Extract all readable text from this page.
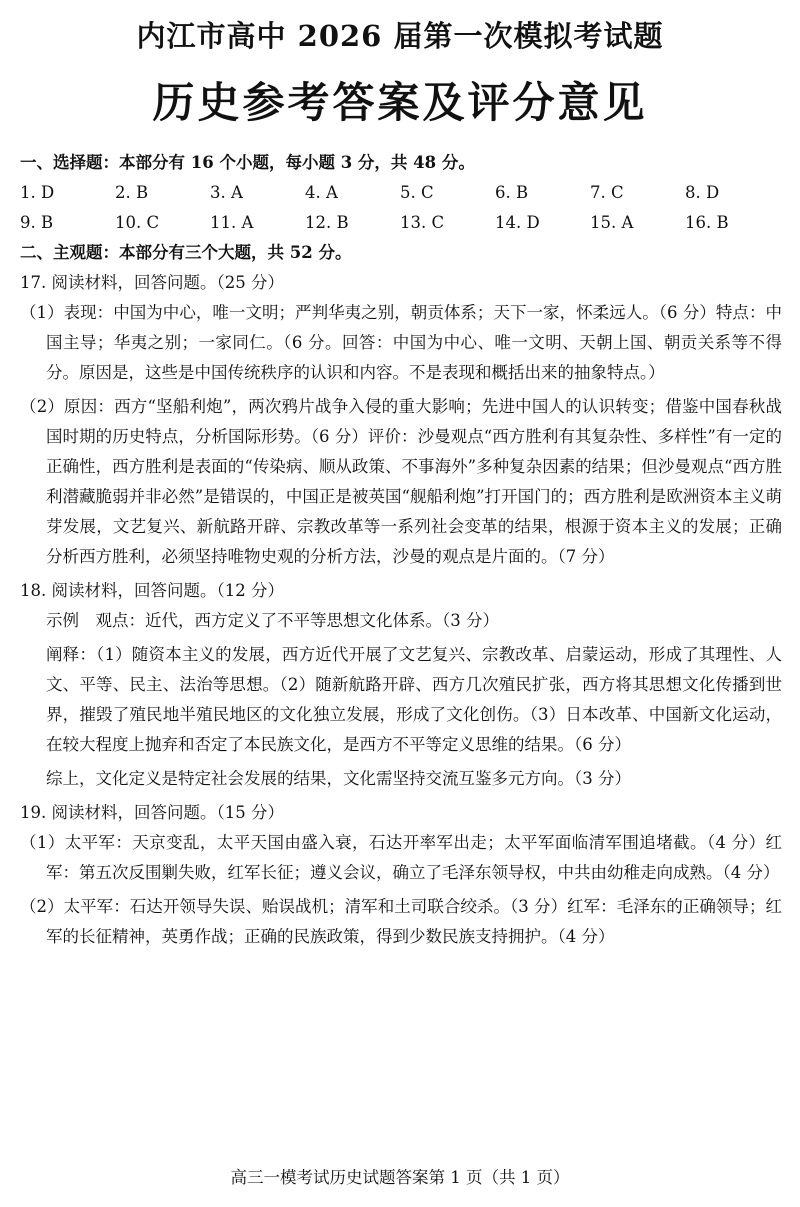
内江市高中 2026 届第一次模拟考试题
历史参考答案及评分意见

一、选择题：本部分有 16 个小题，每小题 3 分，共 48 分。

1. D	2. B	3. A	4. A	5. C	6. B	7. C	8. D
9. B	10. C	11. A	12. B	13. C	14. D	15. A	16. B

二、主观题：本部分有三个大题，共 52 分。

17. 阅读材料，回答问题。（25 分）

（1）表现：中国为中心，唯一文明；严判华夷之别，朝贡体系；天下一家，怀柔远人。（6 分）特点：中国主导；华夷之别；一家同仁。（6 分。回答：中国为中心、唯一文明、天朝上国、朝贡关系等不得分。原因是，这些是中国传统秩序的认识和内容。不是表现和概括出来的抽象特点。）

（2）原因：西方“坚船利炮”，两次鸦片战争入侵的重大影响；先进中国人的认识转变；借鉴中国春秋战国时期的历史特点，分析国际形势。（6 分）评价：沙曼观点“西方胜利有其复杂性、多样性”有一定的正确性，西方胜利是表面的“传染病、顺从政策、不事海外”多种复杂因素的结果；但沙曼观点“西方胜利潜藏脆弱并非必然”是错误的，中国正是被英国“舰船利炮”打开国门的；西方胜利是欧洲资本主义萌芽发展，文艺复兴、新航路开辟、宗教改革等一系列社会变革的结果，根源于资本主义的发展；正确分析西方胜利，必须坚持唯物史观的分析方法，沙曼的观点是片面的。（7 分）

18. 阅读材料，回答问题。（12 分）

示例　观点：近代，西方定义了不平等思想文化体系。（3 分）

阐释：（1）随资本主义的发展，西方近代开展了文艺复兴、宗教改革、启蒙运动，形成了其理性、人文、平等、民主、法治等思想。（2）随新航路开辟、西方几次殖民扩张，西方将其思想文化传播到世界，摧毁了殖民地半殖民地区的文化独立发展，形成了文化创伤。（3）日本改革、中国新文化运动，在较大程度上抛弃和否定了本民族文化，是西方不平等定义思维的结果。（6 分）

综上，文化定义是特定社会发展的结果，文化需坚持交流互鉴多元方向。（3 分）

19. 阅读材料，回答问题。（15 分）

（1）太平军：天京变乱，太平天国由盛入衰，石达开率军出走；太平军面临清军围追堵截。（4 分）红军：第五次反围剿失败，红军长征；遵义会议，确立了毛泽东领导权，中共由幼稚走向成熟。（4 分）

（2）太平军：石达开领导失误、贻误战机；清军和土司联合绞杀。（3 分）红军：毛泽东的正确领导；红军的长征精神，英勇作战；正确的民族政策，得到少数民族支持拥护。（4 分）

高三一模考试历史试题答案第 1 页（共 1 页）
